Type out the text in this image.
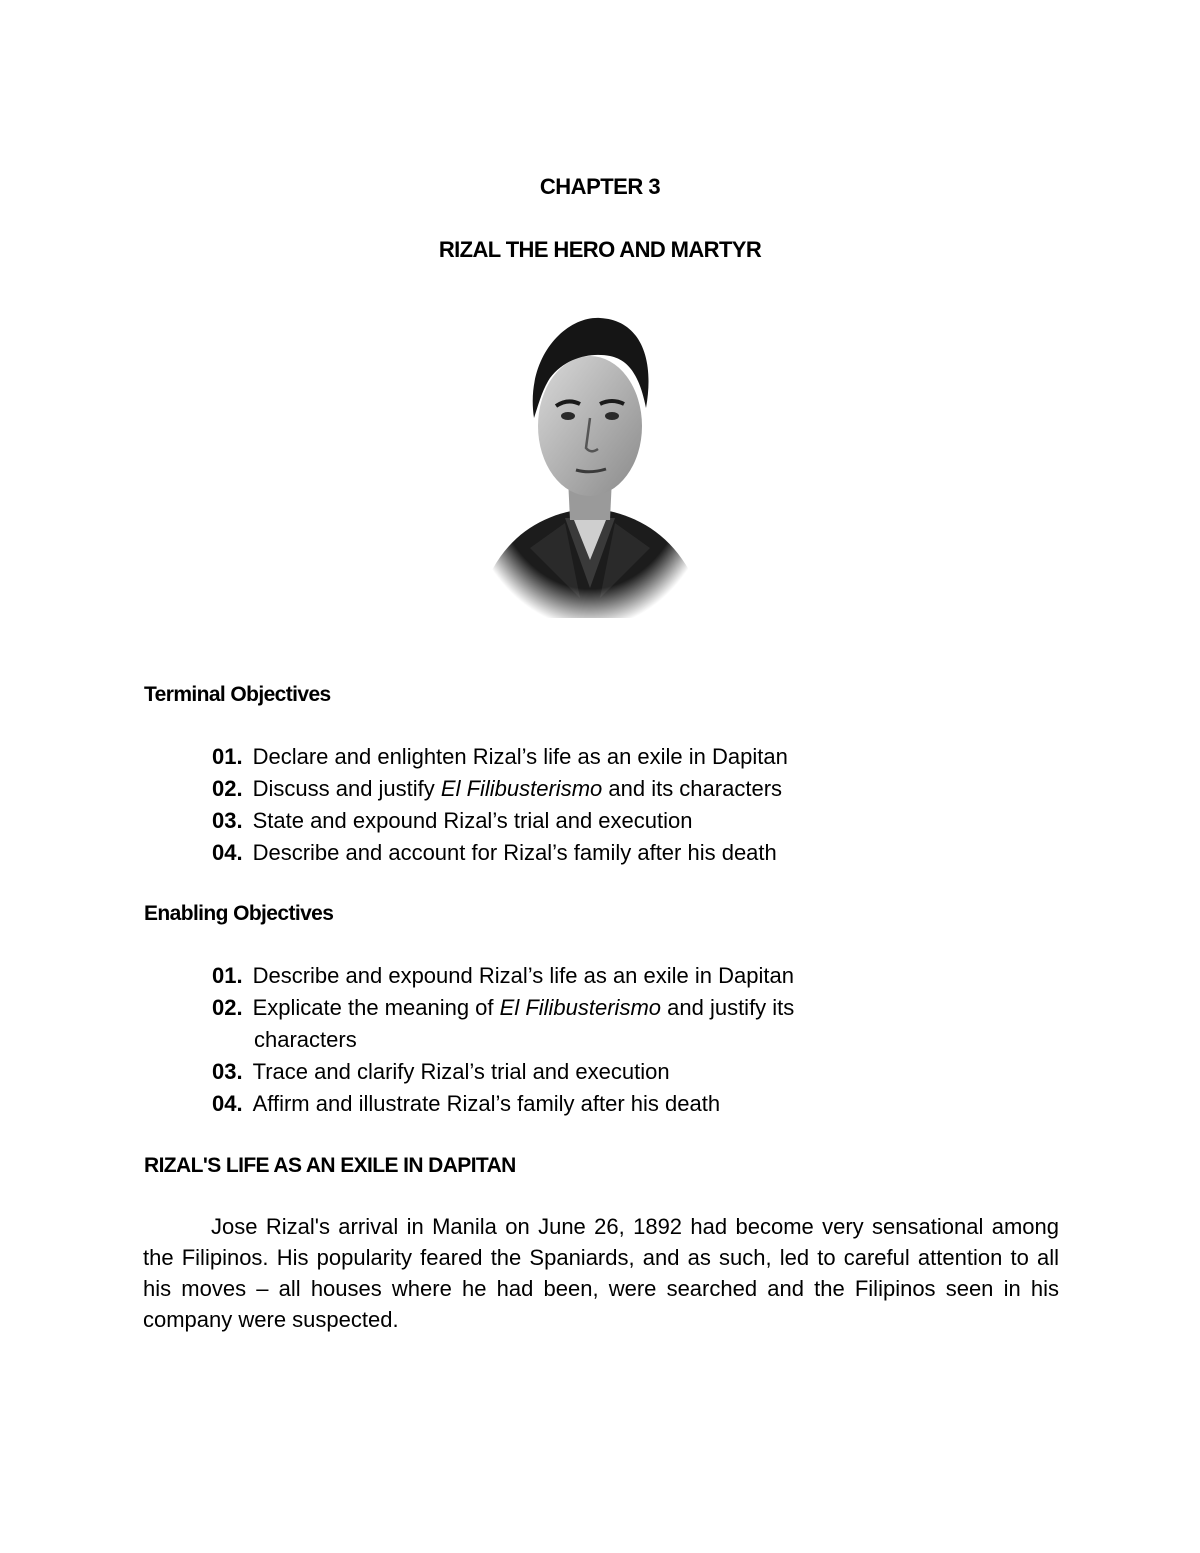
CHAPTER 3
RIZAL THE HERO AND MARTYR
Terminal Objectives
01. Declare and enlighten Rizal’s life as an exile in Dapitan
02. Discuss and justify El Filibusterismo and its characters
03. State and expound Rizal’s trial and execution
04. Describe and account for Rizal’s family after his death
Enabling Objectives
01. Describe and expound Rizal’s life as an exile in Dapitan
02. Explicate the meaning of El Filibusterismo and justify its
characters
03. Trace and clarify Rizal’s trial and execution
04. Affirm and illustrate Rizal’s family after his death
RIZAL'S LIFE AS AN EXILE IN DAPITAN

Jose Rizal's arrival in Manila on June 26, 1892 had become very sensational among the Filipinos. His popularity feared the Spaniards, and as such, led to careful attention to all his moves – all houses where he had been, were searched and the Filipinos seen in his company were suspected.
